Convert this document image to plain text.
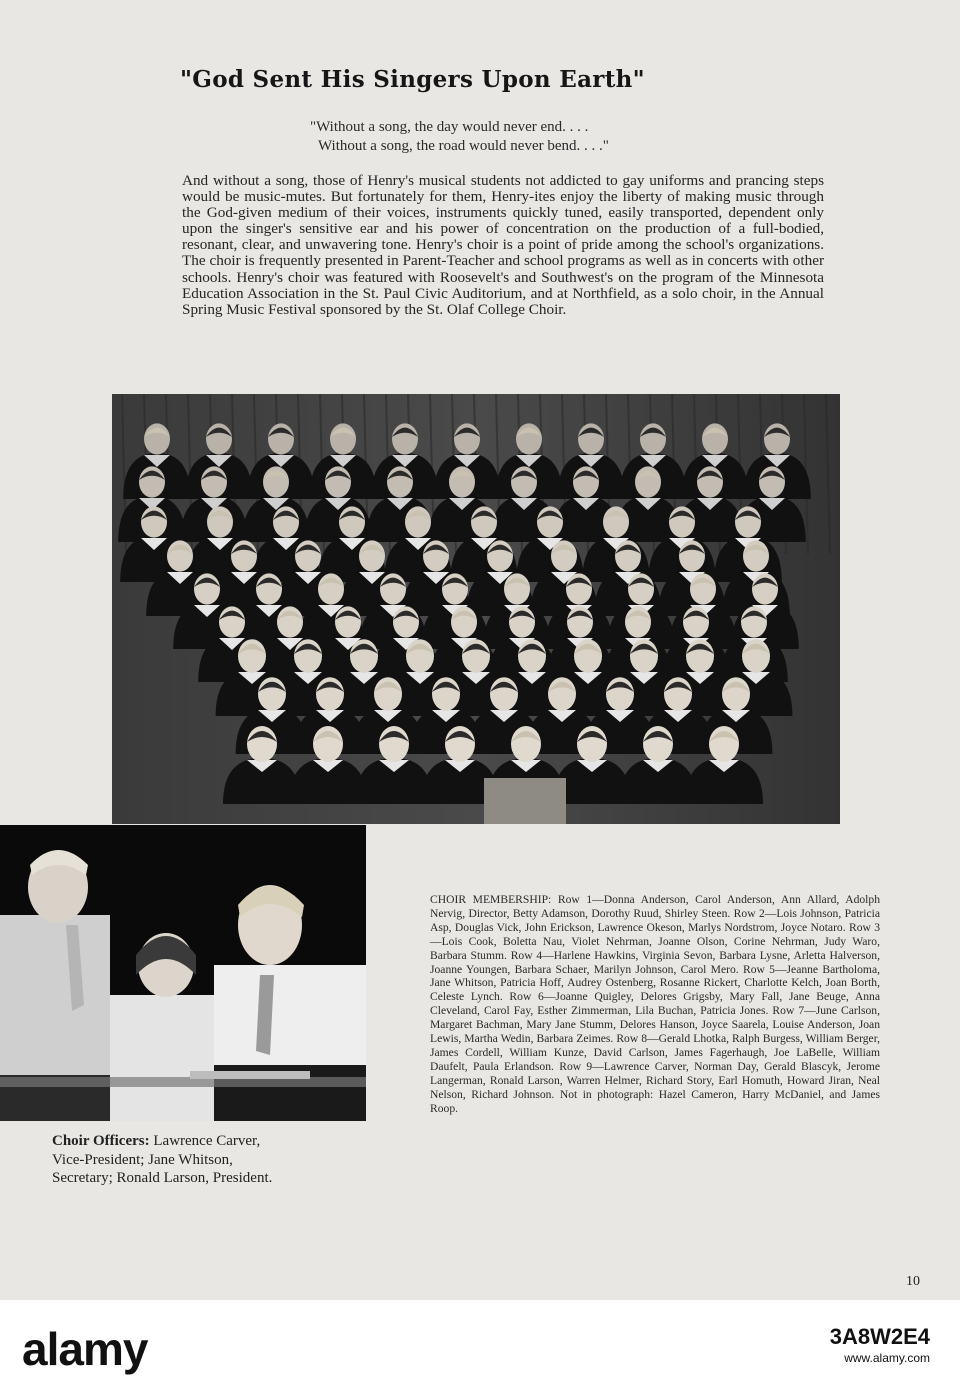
"God Sent His Singers Upon Earth"
"Without a song, the day would never end. . . .
Without a song, the road would never bend. . . ."
And without a song, those of Henry's musical students not addicted to gay uniforms and prancing steps would be music-mutes. But fortunately for them, Henry-ites enjoy the liberty of making music through the God-given medium of their voices, instruments quickly tuned, easily transported, dependent only upon the singer's sensitive ear and his power of concentration on the production of a full-bodied, resonant, clear, and unwavering tone. Henry's choir is a point of pride among the school's organizations. The choir is frequently presented in Parent-Teacher and school programs as well as in concerts with other schools. Henry's choir was featured with Roosevelt's and Southwest's on the program of the Minnesota Education Association in the St. Paul Civic Auditorium, and at Northfield, as a solo choir, in the Annual Spring Music Festival sponsored by the St. Olaf College Choir.
Choir Officers: Lawrence Carver, Vice-President; Jane Whitson, Secretary; Ronald Larson, President.
CHOIR MEMBERSHIP: Row 1—Donna Anderson, Carol Anderson, Ann Allard, Adolph Nervig, Director, Betty Adamson, Dorothy Ruud, Shirley Steen. Row 2—Lois Johnson, Patricia Asp, Douglas Vick, John Erickson, Lawrence Okeson, Marlys Nordstrom, Joyce Notaro. Row 3—Lois Cook, Boletta Nau, Violet Nehrman, Joanne Olson, Corine Nehrman, Judy Waro, Barbara Stumm. Row 4—Harlene Hawkins, Virginia Sevon, Barbara Lysne, Arletta Halverson, Joanne Youngen, Barbara Schaer, Marilyn Johnson, Carol Mero. Row 5—Jeanne Bartholoma, Jane Whitson, Patricia Hoff, Audrey Ostenberg, Rosanne Rickert, Charlotte Kelch, Joan Borth, Celeste Lynch. Row 6—Joanne Quigley, Delores Grigsby, Mary Fall, Jane Beuge, Anna Cleveland, Carol Fay, Esther Zimmerman, Lila Buchan, Patricia Jones. Row 7—June Carlson, Margaret Bachman, Mary Jane Stumm, Delores Hanson, Joyce Saarela, Louise Anderson, Joan Lewis, Martha Wedin, Barbara Zeimes. Row 8—Gerald Lhotka, Ralph Burgess, William Berger, James Cordell, William Kunze, David Carlson, James Fagerhaugh, Joe LaBelle, William Daufelt, Paula Erlandson. Row 9—Lawrence Carver, Norman Day, Gerald Blascyk, Jerome Langerman, Ronald Larson, Warren Helmer, Richard Story, Earl Homuth, Howard Jiran, Neal Nelson, Richard Johnson. Not in photograph: Hazel Cameron, Harry McDaniel, and James Roop.
10
alamy	3A8W2E4
www.alamy.com
